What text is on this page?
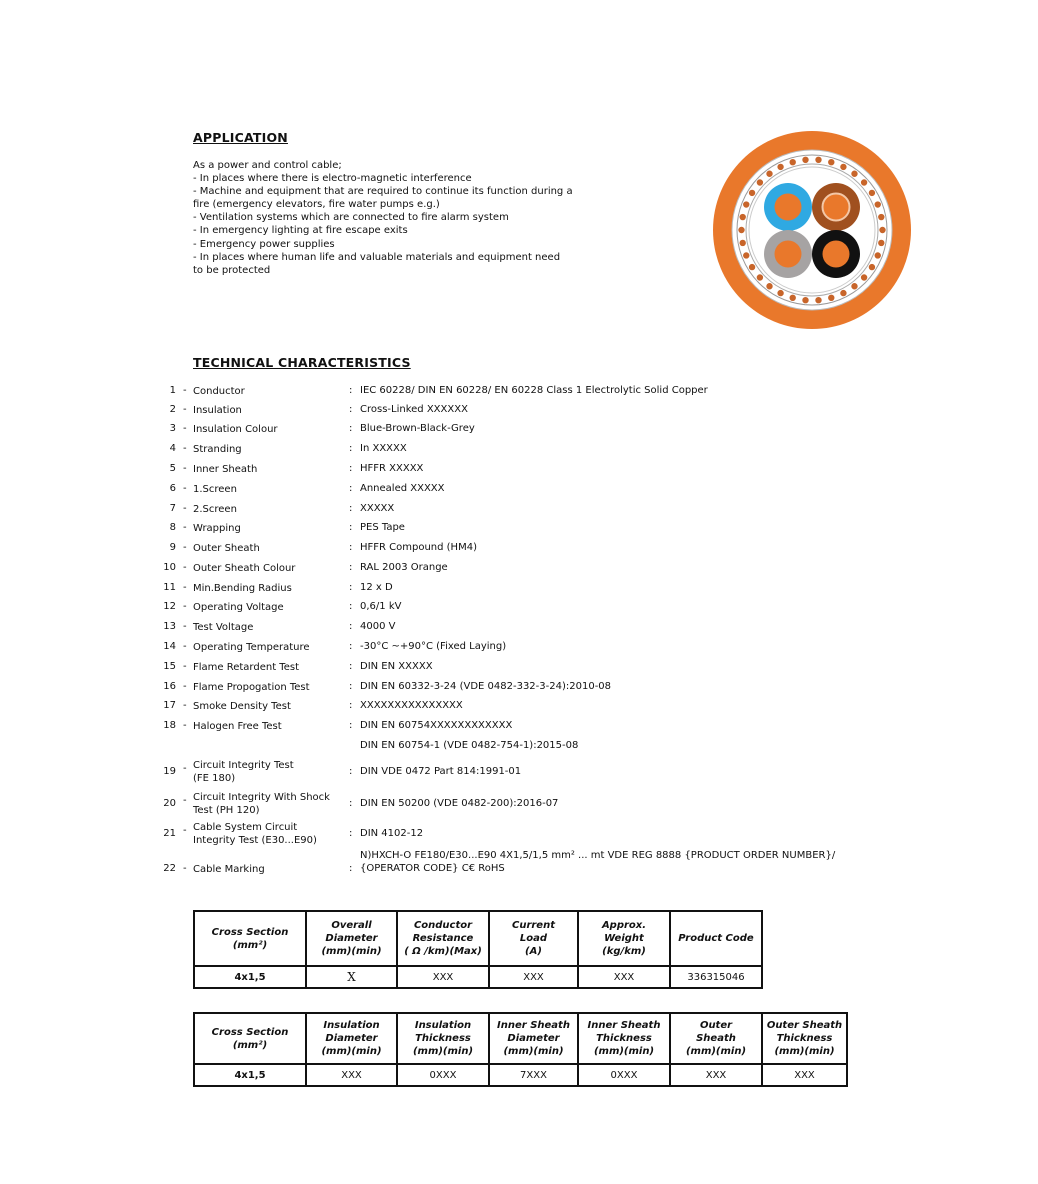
APPLICATION
As a power and control cable;
- In places where there is electro-magnetic interference
- Machine and equipment that are required to continue its function during a
fire (emergency elevators, fire water pumps e.g.)
- Ventilation systems which are connected to fire alarm system
- In emergency lighting at fire escape exits
- Emergency power supplies
- In places where human life and valuable materials and equipment need
to be protected
TECHNICAL CHARACTERISTICS
1 - Conductor	: IEC 60228/ DIN EN 60228/ EN 60228 Class 1 Electrolytic Solid Copper
2 - Insulation	: Cross-Linked XXXXXX
3 - Insulation Colour	: Blue-Brown-Black-Grey
4 - Stranding	: In XXXXX
5 - Inner Sheath	: HFFR XXXXX
6 - 1.Screen	: Annealed XXXXX
7 - 2.Screen	: XXXXX
8 - Wrapping	: PES Tape
9 - Outer Sheath	: HFFR Compound (HM4)
10 - Outer Sheath Colour	: RAL 2003 Orange
11 - Min.Bending Radius	: 12 x D
12 - Operating Voltage	: 0,6/1 kV
13 - Test Voltage	: 4000 V
14 - Operating Temperature	: -30°C ~+90°C (Fixed Laying)
15 - Flame Retardent Test	: DIN EN XXXXX
16 - Flame Propogation Test	: DIN EN 60332-3-24 (VDE 0482-332-3-24):2010-08
17 - Smoke Density Test	: XXXXXXXXXXXXXXX
18 - Halogen Free Test	: DIN EN 60754XXXXXXXXXXXX
DIN EN 60754-1 (VDE 0482-754-1):2015-08
19 - Circuit Integrity Test
(FE 180)
: DIN VDE 0472 Part 814:1991-01
20 - Circuit Integrity With Shock
Test (PH 120)
: DIN EN 50200 (VDE 0482-200):2016-07
21 - Cable System Circuit
Integrity Test (E30...E90)
: DIN 4102-12
N)HXCH-O FE180/E30...E90 4X1,5/1,5 mm² ... mt VDE REG 8888 {PRODUCT ORDER NUMBER}/
22 - Cable Marking	: {OPERATOR CODE} C€ RoHS
Cross Section
(mm²)	Overall
Diameter
(mm)(min)	Conductor
Resistance
( Ω /km)(Max)	Current
Load
(A)	Approx.
Weight
(kg/km)	Product Code
4x1,5	X	XXX	XXX	XXX	336315046
Cross Section
(mm²)	Insulation
Diameter
(mm)(min)	Insulation
Thickness
(mm)(min)	Inner Sheath
Diameter
(mm)(min)	Inner Sheath
Thickness
(mm)(min)	Outer
Sheath
(mm)(min)	Outer Sheath
Thickness
(mm)(min)
4x1,5	XXX	0XXX	7XXX	0XXX	XXX	XXX
